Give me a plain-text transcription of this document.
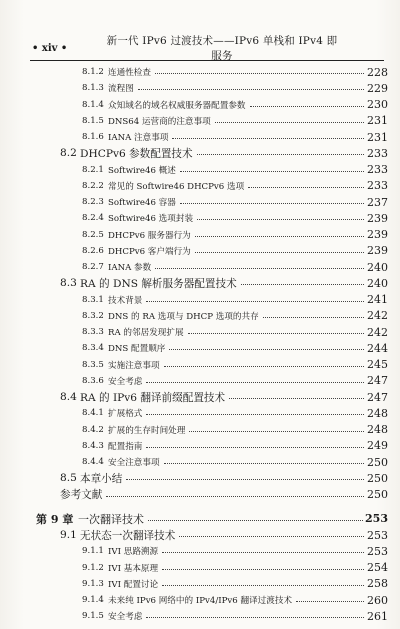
• xiv •
新一代 IPv6 过渡技术——IPv6 单栈和 IPv4 即服务
8.1.2 连通性检查	228
8.1.3 流程图	229
8.1.4 众知域名的域名权威服务器配置参数	230
8.1.5 DNS64 运营商的注意事项	231
8.1.6 IANA 注意事项	231
8.2 DHCPv6 参数配置技术	233
8.2.1 Softwire46 概述	233
8.2.2 常见的 Softwire46 DHCPv6 选项	233
8.2.3 Softwire46 容器	237
8.2.4 Softwire46 选项封装	239
8.2.5 DHCPv6 服务器行为	239
8.2.6 DHCPv6 客户端行为	239
8.2.7 IANA 参数	240
8.3 RA 的 DNS 解析服务器配置技术	240
8.3.1 技术背景	241
8.3.2 DNS 的 RA 选项与 DHCP 选项的共存	242
8.3.3 RA 的邻居发现扩展	242
8.3.4 DNS 配置顺序	244
8.3.5 实施注意事项	245
8.3.6 安全考虑	247
8.4 RA 的 IPv6 翻译前缀配置技术	247
8.4.1 扩展格式	248
8.4.2 扩展的生存时间处理	248
8.4.3 配置指南	249
8.4.4 安全注意事项	250
8.5 本章小结	250
参考文献	250
第 9 章 一次翻译技术	253
9.1 无状态一次翻译技术	253
9.1.1 IVI 思路溯源	253
9.1.2 IVI 基本原理	254
9.1.3 IVI 配置讨论	258
9.1.4 未来纯 IPv6 网络中的 IPv4/IPv6 翻译过渡技术	260
9.1.5 安全考虑	261
